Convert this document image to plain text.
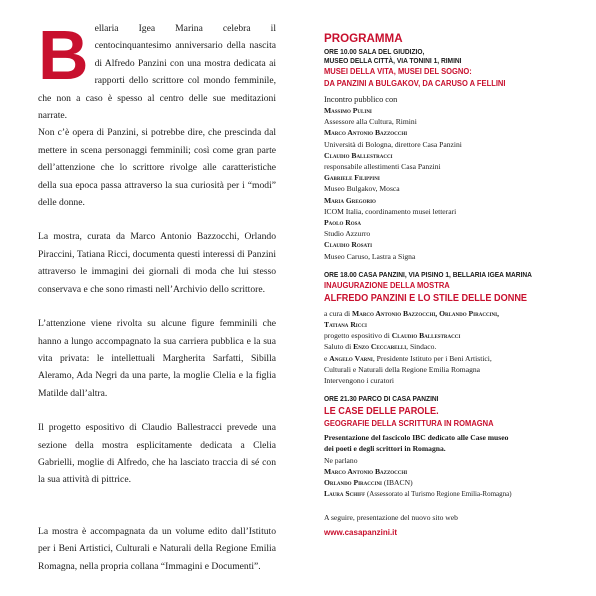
Bellaria Igea Marina celebra il centocinquantesimo anniversario della nascita di Alfredo Panzini con una mostra dedicata ai rapporti dello scrittore col mondo femminile, che non a caso è spesso al centro delle sue meditazioni narrate.

Non c’è opera di Panzini, si potrebbe dire, che prescinda dal mettere in scena personaggi femminili; così come gran parte dell’attenzione che lo scrittore rivolge alle caratteristiche della sua epoca passa attraverso la sua curiosità per i “modi” delle donne.

La mostra, curata da Marco Antonio Bazzocchi, Orlando Piraccini, Tatiana Ricci, documenta questi interessi di Panzini attraverso le immagini dei giornali di moda che lui stesso conservava e che sono rimasti nell’Archivio dello scrittore.

L’attenzione viene rivolta su alcune figure femminili che hanno a lungo accompagnato la sua carriera pubblica e la sua vita privata: le intellettuali Margherita Sarfatti, Sibilla Aleramo, Ada Negri da una parte, la moglie Clelia e la figlia Matilde dall’altra.

Il progetto espositivo di Claudio Ballestracci prevede una sezione della mostra esplicitamente dedicata a Clelia Gabrielli, moglie di Alfredo, che ha lasciato traccia di sé con la sua attività di pittrice.

La mostra è accompagnata da un volume edito dall’Istituto per i Beni Artistici, Culturali e Naturali della Regione Emilia Romagna, nella propria collana “Immagini e Documenti”.

PROGRAMMA
ORE 10.00 SALA DEL GIUDIZIO,
MUSEO DELLA CITTÀ, VIA TONINI 1, RIMINI
MUSEI DELLA VITA, MUSEI DEL SOGNO:
DA PANZINI A BULGAKOV, DA CARUSO A FELLINI
Incontro pubblico con
Massimo Pulini
Assessore alla Cultura, Rimini
Marco Antonio Bazzocchi
Università di Bologna, direttore Casa Panzini
Claudio Ballestracci
responsabile allestimenti Casa Panzini
Gabriele Filippini
Museo Bulgakov, Mosca
Maria Gregorio
ICOM Italia, coordinamento musei letterari
Paolo Rosa
Studio Azzurro
Claudio Rosati
Museo Caruso, Lastra a Signa
ORE 18.00 CASA PANZINI, VIA PISINO 1, BELLARIA IGEA MARINA
INAUGURAZIONE DELLA MOSTRA
ALFREDO PANZINI E LO STILE DELLE DONNE
a cura di Marco Antonio Bazzocchi, Orlando Piraccini,
Tatiana Ricci
progetto espositivo di Claudio Ballestracci
Saluto di Enzo Ceccarelli, Sindaco.
e Angelo Varni, Presidente Istituto per i Beni Artistici,
Culturali e Naturali della Regione Emilia Romagna
Intervengono i curatori
ORE 21.30 PARCO DI CASA PANZINI
LE CASE DELLE PAROLE.
GEOGRAFIE DELLA SCRITTURA IN ROMAGNA
Presentazione del fascicolo IBC dedicato alle Case museo
dei poeti e degli scrittori in Romagna.
Ne parlano
Marco Antonio Bazzocchi
Orlando Piraccini (IBACN)
Laura Schiff (Assessorato al Turismo Regione Emilia-Romagna)
A seguire, presentazione del nuovo sito web
www.casapanzini.it
